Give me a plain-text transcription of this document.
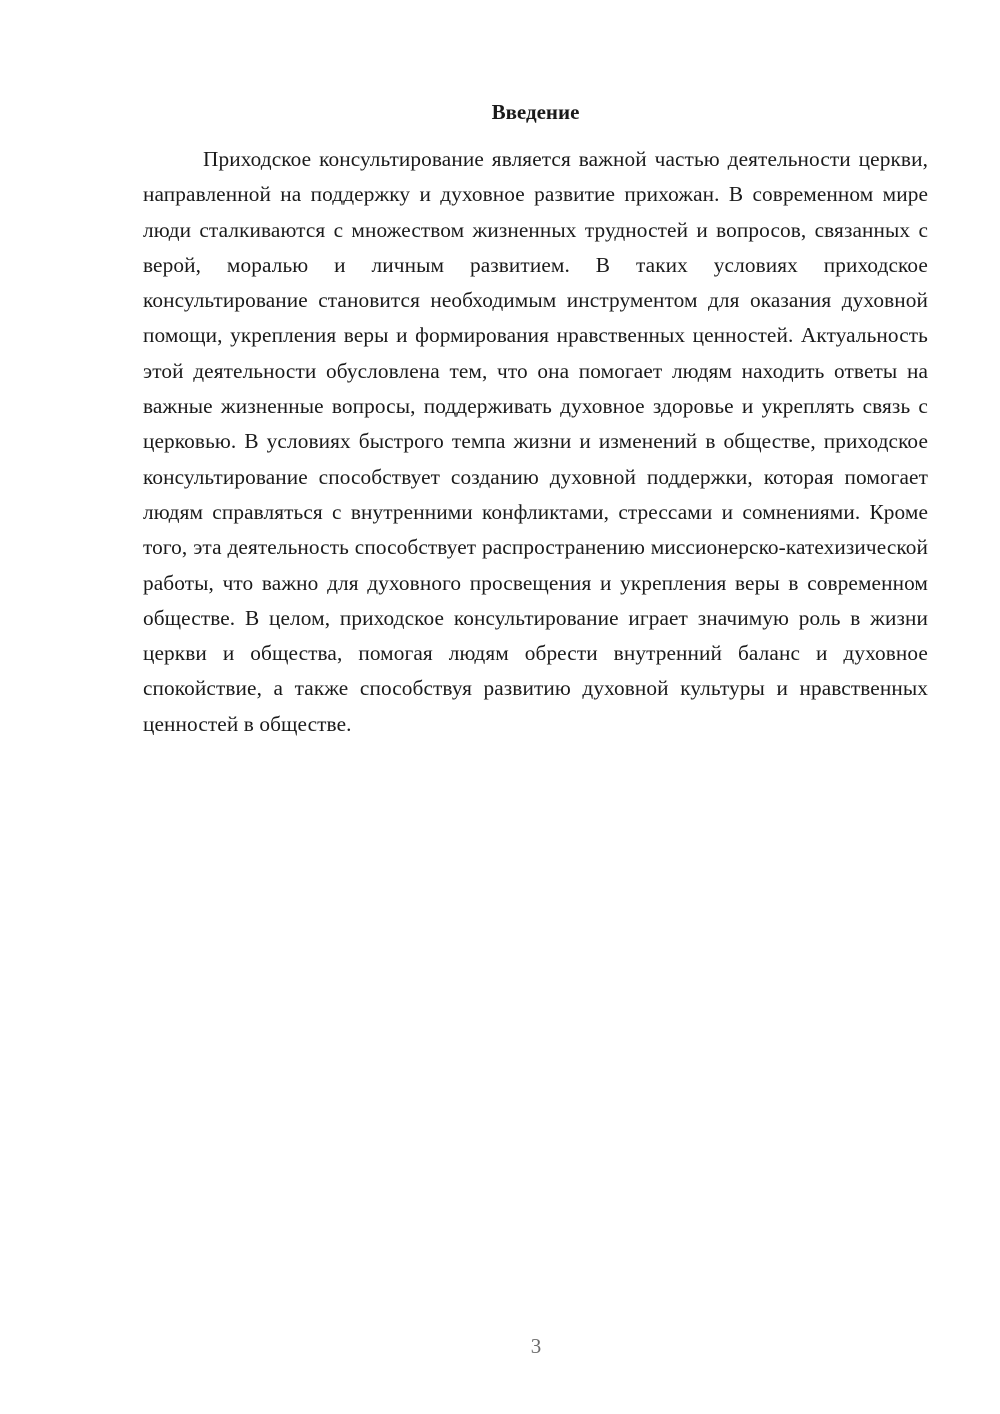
Введение

Приходское консультирование является важной частью деятельности церкви, направленной на поддержку и духовное развитие прихожан. В современном мире люди сталкиваются с множеством жизненных трудностей и вопросов, связанных с верой, моралью и личным развитием. В таких условиях приходское консультирование становится необходимым инструментом для оказания духовной помощи, укрепления веры и формирования нравственных ценностей. Актуальность этой деятельности обусловлена тем, что она помогает людям находить ответы на важные жизненные вопросы, поддерживать духовное здоровье и укреплять связь с церковью. В условиях быстрого темпа жизни и изменений в обществе, приходское консультирование способствует созданию духовной поддержки, которая помогает людям справляться с внутренними конфликтами, стрессами и сомнениями. Кроме того, эта деятельность способствует распространению миссионерско-катехизической работы, что важно для духовного просвещения и укрепления веры в современном обществе. В целом, приходское консультирование играет значимую роль в жизни церкви и общества, помогая людям обрести внутренний баланс и духовное спокойствие, а также способствуя развитию духовной культуры и нравственных ценностей в обществе.

3
